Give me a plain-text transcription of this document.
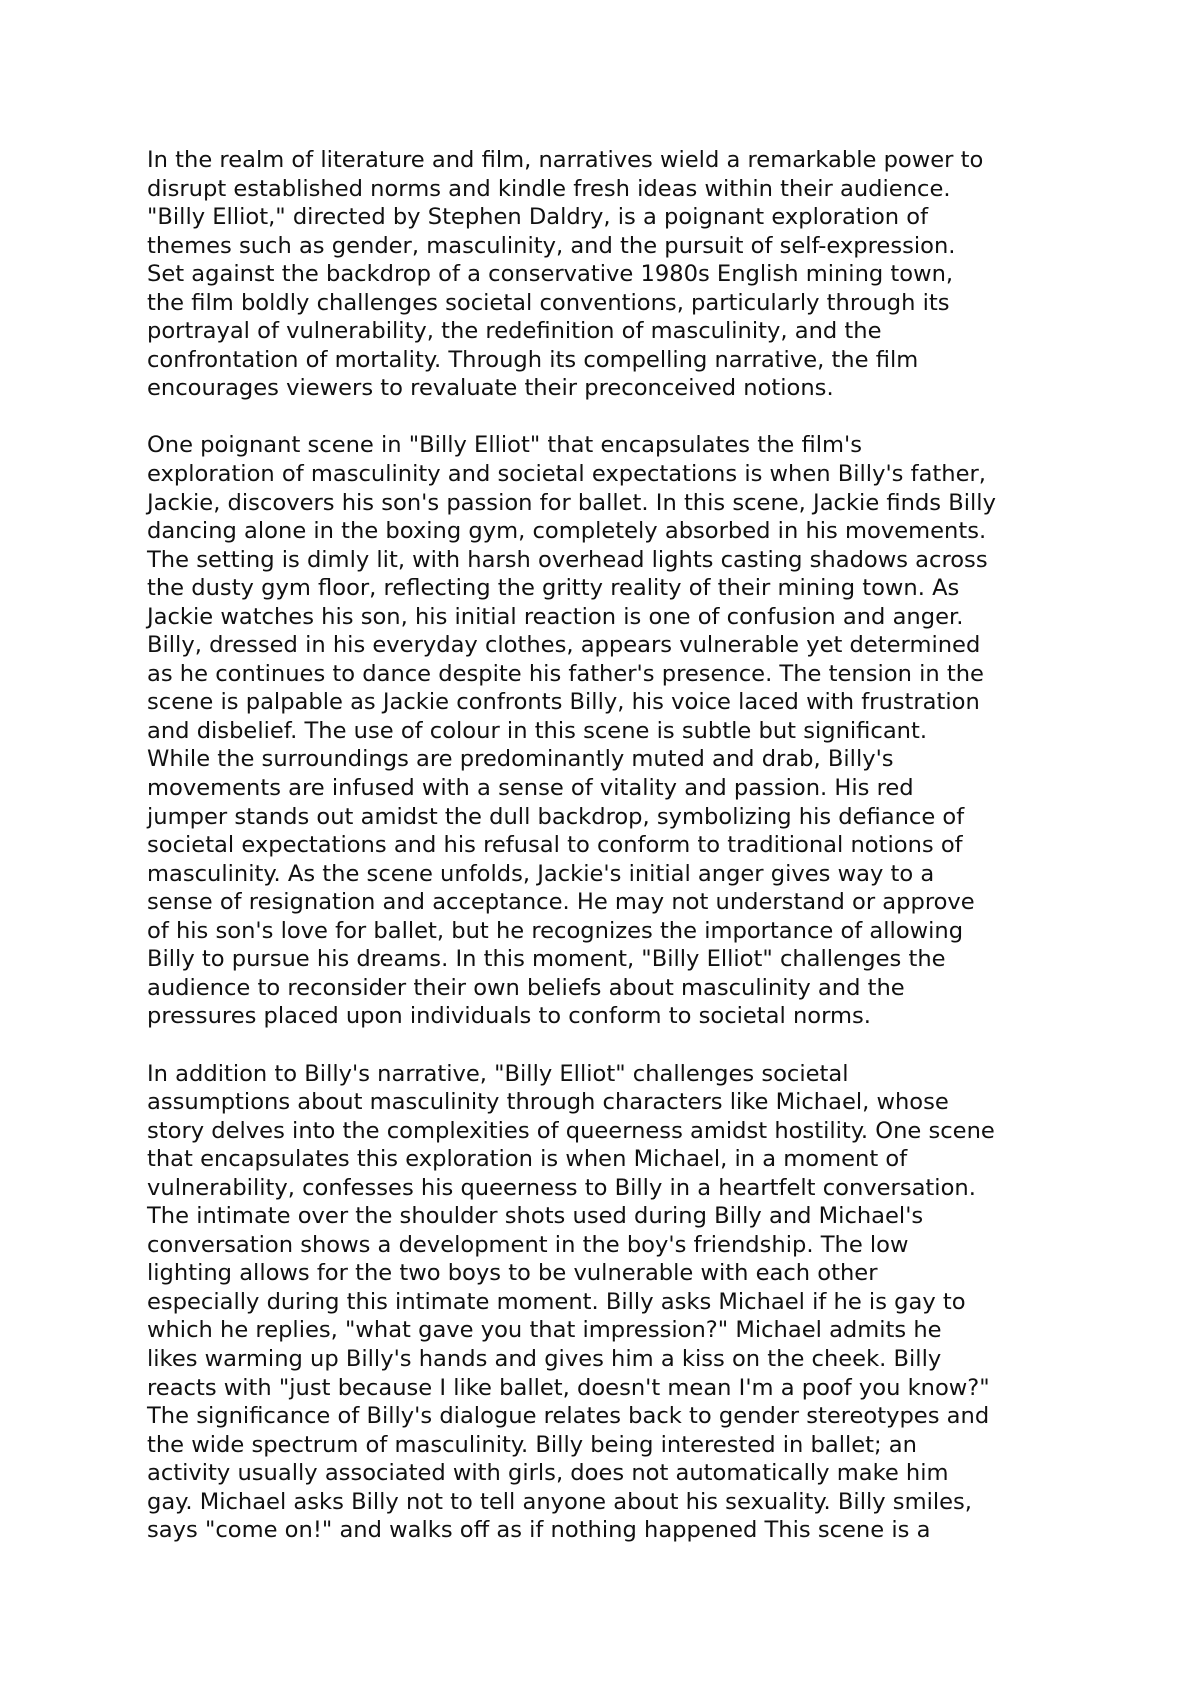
In the realm of literature and film, narratives wield a remarkable power to
disrupt established norms and kindle fresh ideas within their audience.
"Billy Elliot," directed by Stephen Daldry, is a poignant exploration of
themes such as gender, masculinity, and the pursuit of self-expression.
Set against the backdrop of a conservative 1980s English mining town,
the film boldly challenges societal conventions, particularly through its
portrayal of vulnerability, the redefinition of masculinity, and the
confrontation of mortality. Through its compelling narrative, the film
encourages viewers to revaluate their preconceived notions.
One poignant scene in "Billy Elliot" that encapsulates the film's
exploration of masculinity and societal expectations is when Billy's father,
Jackie, discovers his son's passion for ballet. In this scene, Jackie finds Billy
dancing alone in the boxing gym, completely absorbed in his movements.
The setting is dimly lit, with harsh overhead lights casting shadows across
the dusty gym floor, reflecting the gritty reality of their mining town. As
Jackie watches his son, his initial reaction is one of confusion and anger.
Billy, dressed in his everyday clothes, appears vulnerable yet determined
as he continues to dance despite his father's presence. The tension in the
scene is palpable as Jackie confronts Billy, his voice laced with frustration
and disbelief. The use of colour in this scene is subtle but significant.
While the surroundings are predominantly muted and drab, Billy's
movements are infused with a sense of vitality and passion. His red
jumper stands out amidst the dull backdrop, symbolizing his defiance of
societal expectations and his refusal to conform to traditional notions of
masculinity. As the scene unfolds, Jackie's initial anger gives way to a
sense of resignation and acceptance. He may not understand or approve
of his son's love for ballet, but he recognizes the importance of allowing
Billy to pursue his dreams. In this moment, "Billy Elliot" challenges the
audience to reconsider their own beliefs about masculinity and the
pressures placed upon individuals to conform to societal norms.
In addition to Billy's narrative, "Billy Elliot" challenges societal
assumptions about masculinity through characters like Michael, whose
story delves into the complexities of queerness amidst hostility. One scene
that encapsulates this exploration is when Michael, in a moment of
vulnerability, confesses his queerness to Billy in a heartfelt conversation.
The intimate over the shoulder shots used during Billy and Michael's
conversation shows a development in the boy's friendship. The low
lighting allows for the two boys to be vulnerable with each other
especially during this intimate moment. Billy asks Michael if he is gay to
which he replies, "what gave you that impression?" Michael admits he
likes warming up Billy's hands and gives him a kiss on the cheek. Billy
reacts with "just because I like ballet, doesn't mean I'm a poof you know?"
The significance of Billy's dialogue relates back to gender stereotypes and
the wide spectrum of masculinity. Billy being interested in ballet; an
activity usually associated with girls, does not automatically make him
gay. Michael asks Billy not to tell anyone about his sexuality. Billy smiles,
says "come on!" and walks off as if nothing happened This scene is a
